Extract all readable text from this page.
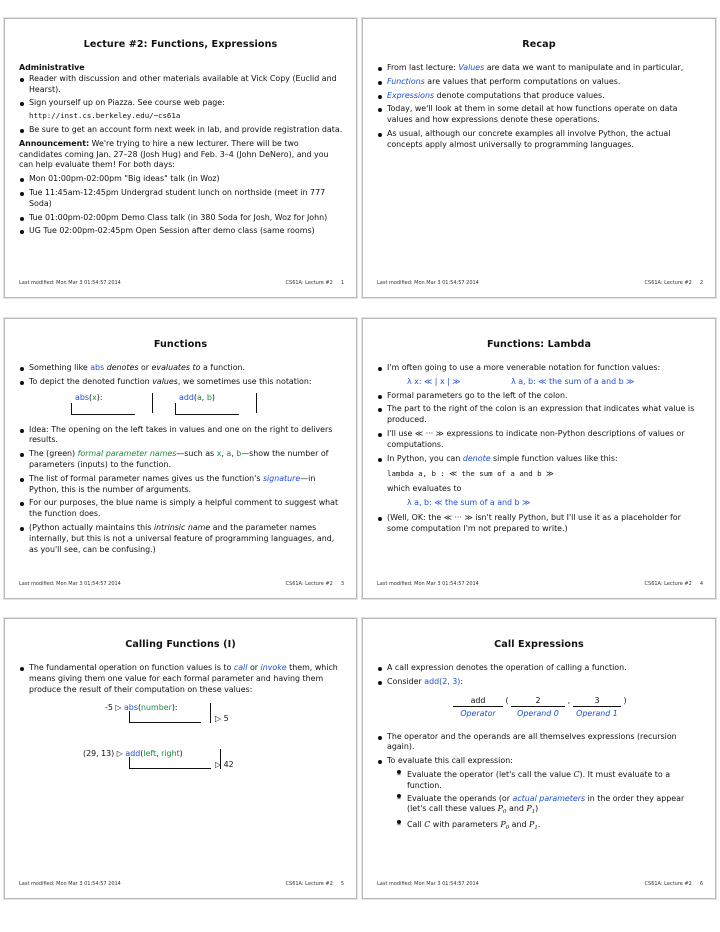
Lecture #2: Functions, Expressions
Administrative
Reader with discussion and other materials available at Vick Copy (Euclid and Hearst).
Sign yourself up on Piazza. See course web page:
http://inst.cs.berkeley.edu/~cs61a
Be sure to get an account form next week in lab, and provide registration data.
Announcement: We're trying to hire a new lecturer. There will be two candidates coming Jan. 27–28 (Josh Hug) and Feb. 3–4 (John DeNero), and you can help evaluate them! For both days:
Mon 01:00pm-02:00pm "Big ideas" talk (in Woz)
Tue 11:45am-12:45pm Undergrad student lunch on northside (meet in 777 Soda)
Tue 01:00pm-02:00pm Demo Class talk (in 380 Soda for Josh, Woz for John)
UG Tue 02:00pm-02:45pm Open Session after demo class (same rooms)
Last modified: Mon Mar 3 01:54:57 2014	CS61A: Lecture #2 1
Recap
From last lecture: Values are data we want to manipulate and in particular,
Functions are values that perform computations on values.
Expressions denote computations that produce values.
Today, we'll look at them in some detail at how functions operate on data values and how expressions denote these operations.
As usual, although our concrete examples all involve Python, the actual concepts apply almost universally to programming languages.
Last modified: Mon Mar 3 01:54:57 2014	CS61A: Lecture #2 2
Functions
Something like abs denotes or evaluates to a function.
To depict the denoted function values, we sometimes use this notation:
abs(x):	add(a, b)
Idea: The opening on the left takes in values and one on the right to delivers results.
The (green) formal parameter names—such as x, a, b—show the number of parameters (inputs) to the function.
The list of formal parameter names gives us the function's signature—in Python, this is the number of arguments.
For our purposes, the blue name is simply a helpful comment to suggest what the function does.
(Python actually maintains this intrinsic name and the parameter names internally, but this is not a universal feature of programming languages, and, as you'll see, can be confusing.)
Last modified: Mon Mar 3 01:54:57 2014	CS61A: Lecture #2 3
Functions: Lambda
I'm often going to use a more venerable notation for function values:
λ x: ≪ | x | ≫	λ a, b: ≪ the sum of a and b ≫
Formal parameters go to the left of the colon.
The part to the right of the colon is an expression that indicates what value is produced.
I'll use ≪ ··· ≫ expressions to indicate non-Python descriptions of values or computations.
In Python, you can denote simple function values like this:
lambda a, b : ≪ the sum of a and b ≫
which evaluates to
λ a, b: ≪ the sum of a and b ≫
(Well, OK: the ≪ ··· ≫ isn't really Python, but I'll use it as a placeholder for some computation I'm not prepared to write.)
Last modified: Mon Mar 3 01:54:57 2014	CS61A: Lecture #2 4
Calling Functions (I)
The fundamental operation on function values is to call or invoke them, which means giving them one value for each formal parameter and having them produce the result of their computation on these values:
-5 ▷ abs(number):
▷ 5
(29, 13) ▷ add(left, right)
▷ 42
Last modified: Mon Mar 3 01:54:57 2014	CS61A: Lecture #2 5
Call Expressions
A call expression denotes the operation of calling a function.
Consider add(2, 3):
add
Operator
(	2
Operand 0
,	3
Operand 1
)
The operator and the operands are all themselves expressions (recursion again).
To evaluate this call expression:
– Evaluate the operator (let's call the value C). It must evaluate to a function.
– Evaluate the operands (or actual parameters in the order they appear (let's call these values $P_0$ and $P_1$)
– Call C with parameters $P_0$ and $P_1$.
Last modified: Mon Mar 3 01:54:57 2014	CS61A: Lecture #2 6
